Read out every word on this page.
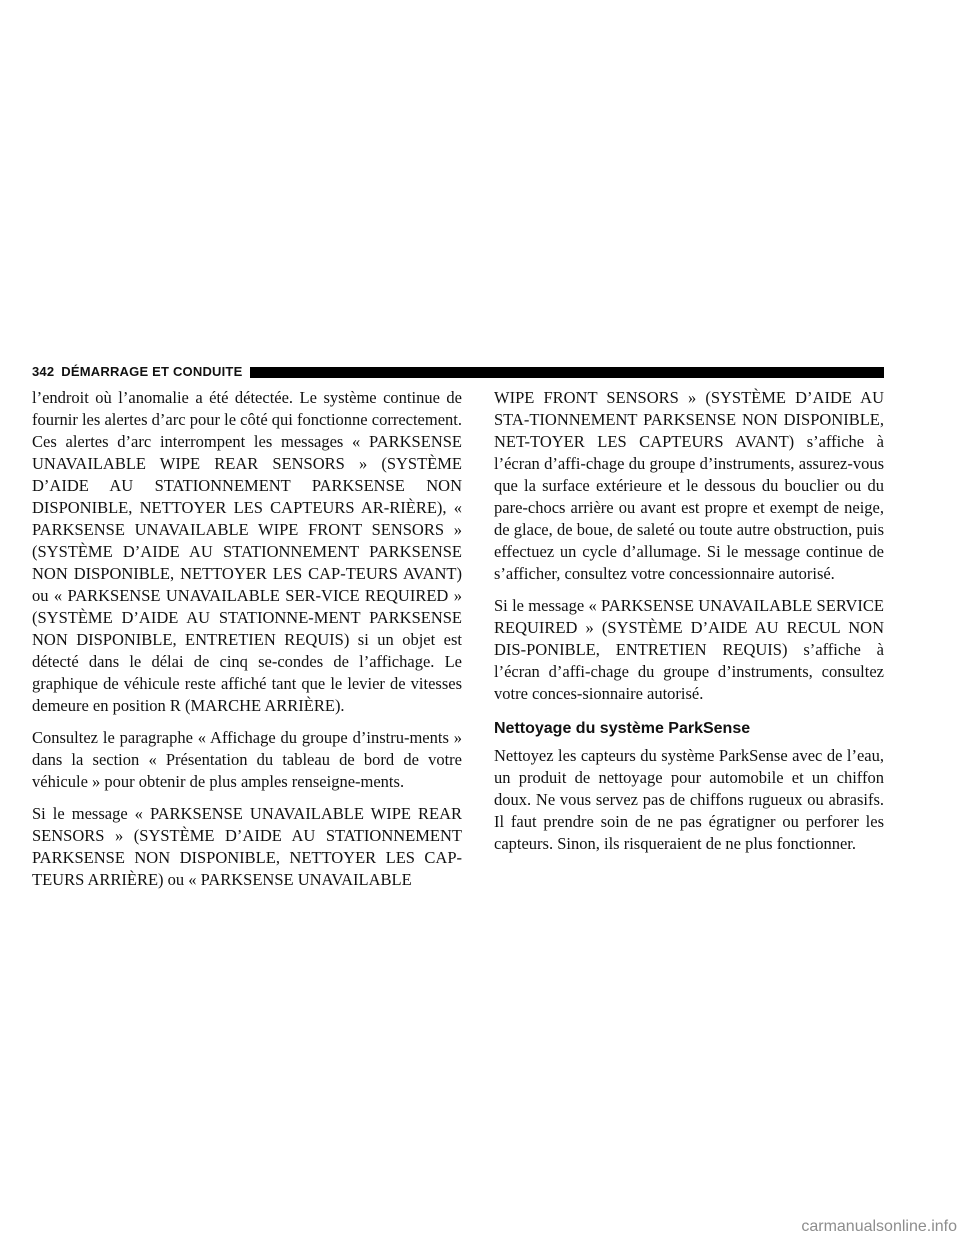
342 DÉMARRAGE ET CONDUITE

l’endroit où l’anomalie a été détectée. Le système continue de fournir les alertes d’arc pour le côté qui fonctionne correctement. Ces alertes d’arc interrompent les messages « PARKSENSE UNAVAILABLE WIPE REAR SENSORS » (SYSTÈME D’AIDE AU STATIONNEMENT PARKSENSE NON DISPONIBLE, NETTOYER LES CAPTEURS AR-RIÈRE), « PARKSENSE UNAVAILABLE WIPE FRONT SENSORS » (SYSTÈME D’AIDE AU STATIONNEMENT PARKSENSE NON DISPONIBLE, NETTOYER LES CAP-TEURS AVANT) ou « PARKSENSE UNAVAILABLE SER-VICE REQUIRED » (SYSTÈME D’AIDE AU STATIONNE-MENT PARKSENSE NON DISPONIBLE, ENTRETIEN REQUIS) si un objet est détecté dans le délai de cinq se-condes de l’affichage. Le graphique de véhicule reste affiché tant que le levier de vitesses demeure en position R (MARCHE ARRIÈRE).

Consultez le paragraphe « Affichage du groupe d’instru-ments » dans la section « Présentation du tableau de bord de votre véhicule » pour obtenir de plus amples renseigne-ments.

Si le message « PARKSENSE UNAVAILABLE WIPE REAR SENSORS » (SYSTÈME D’AIDE AU STATIONNEMENT PARKSENSE NON DISPONIBLE, NETTOYER LES CAP-TEURS ARRIÈRE) ou « PARKSENSE UNAVAILABLE

WIPE FRONT SENSORS » (SYSTÈME D’AIDE AU STA-TIONNEMENT PARKSENSE NON DISPONIBLE, NET-TOYER LES CAPTEURS AVANT) s’affiche à l’écran d’affi-chage du groupe d’instruments, assurez-vous que la surface extérieure et le dessous du bouclier ou du pare-chocs arrière ou avant est propre et exempt de neige, de glace, de boue, de saleté ou toute autre obstruction, puis effectuez un cycle d’allumage. Si le message continue de s’afficher, consultez votre concessionnaire autorisé.

Si le message « PARKSENSE UNAVAILABLE SERVICE REQUIRED » (SYSTÈME D’AIDE AU RECUL NON DIS-PONIBLE, ENTRETIEN REQUIS) s’affiche à l’écran d’affi-chage du groupe d’instruments, consultez votre conces-sionnaire autorisé.

Nettoyage du système ParkSense

Nettoyez les capteurs du système ParkSense avec de l’eau, un produit de nettoyage pour automobile et un chiffon doux. Ne vous servez pas de chiffons rugueux ou abrasifs. Il faut prendre soin de ne pas égratigner ou perforer les capteurs. Sinon, ils risqueraient de ne plus fonctionner.

carmanualsonline.info
